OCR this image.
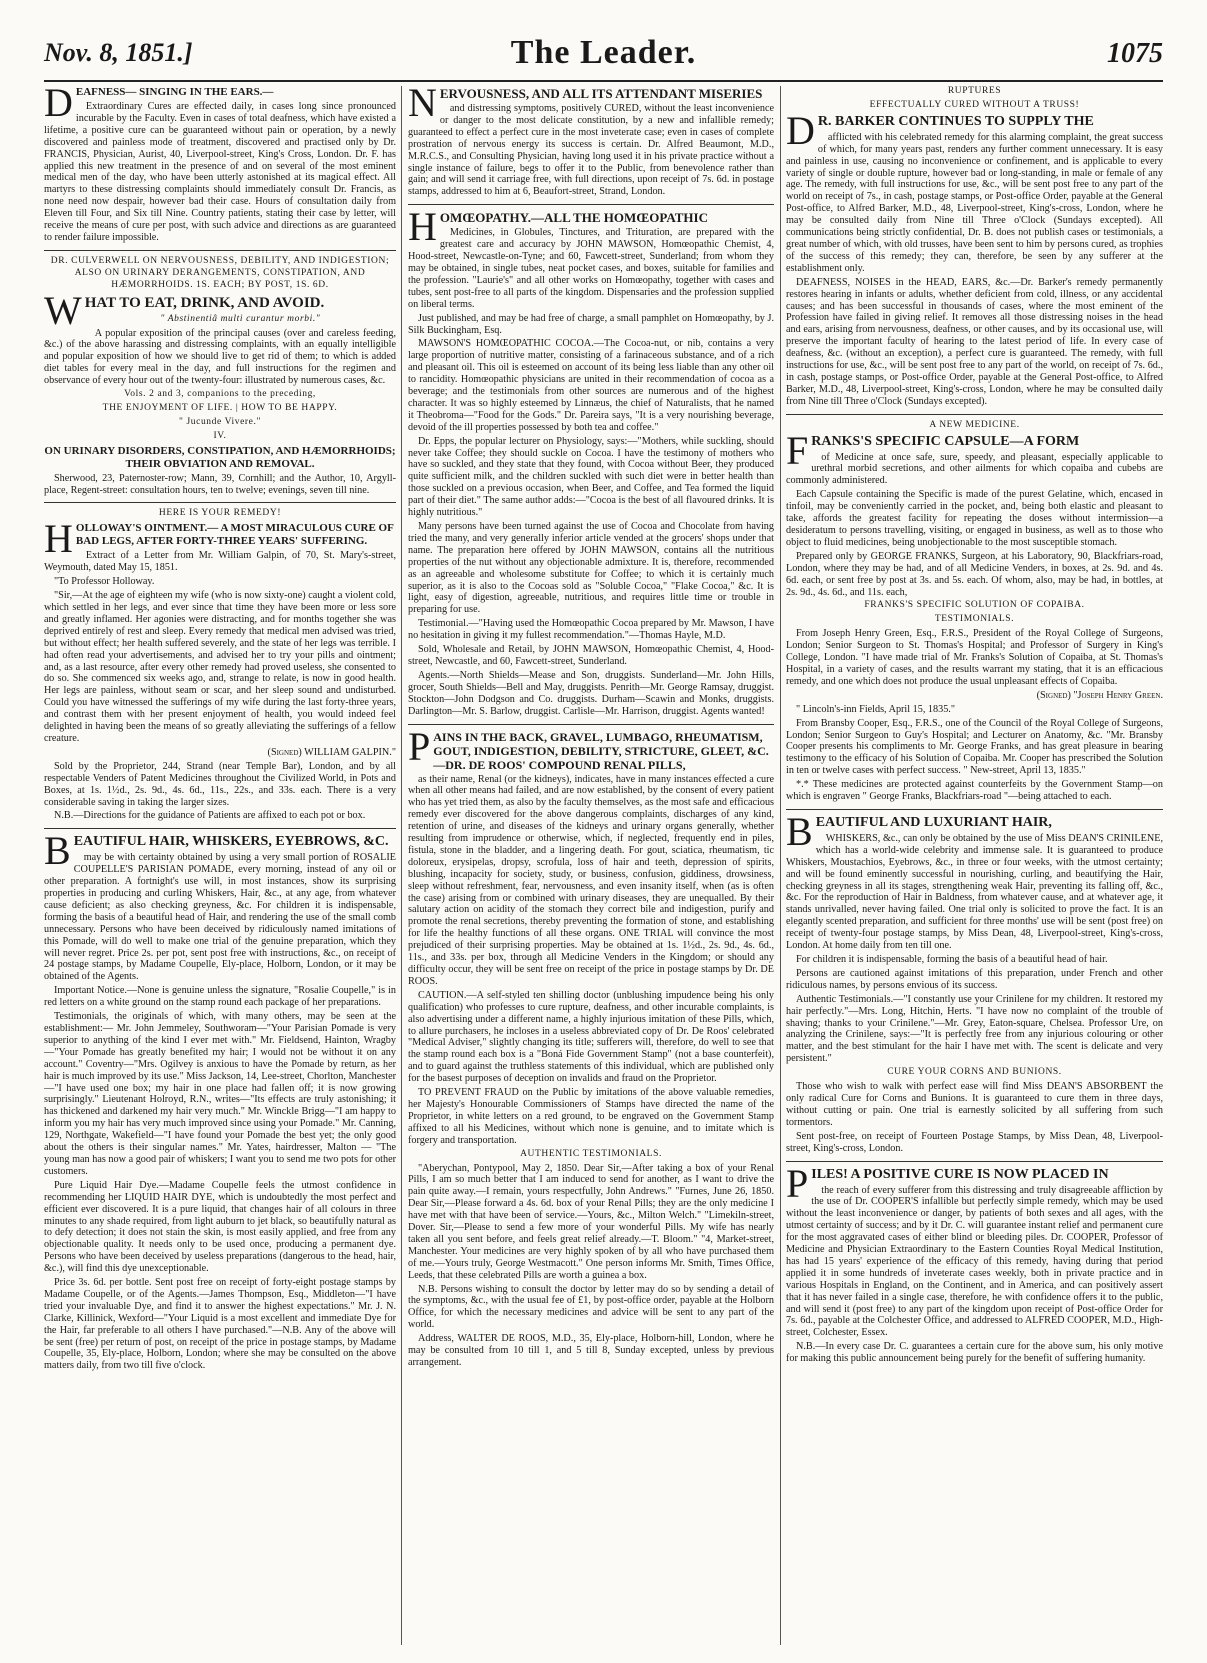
Nov. 8, 1851.]	The Leader.	1075

DEAFNESS— SINGING IN THE EARS.—

Extraordinary Cures are effected daily, in cases long since pronounced incurable by the Faculty. Even in cases of total deafness, which have existed a lifetime, a positive cure can be guaranteed without pain or operation, by a newly discovered and painless mode of treatment, discovered and practised only by Dr. FRANCIS, Physician, Aurist, 40, Liverpool-street, King's Cross, London. Dr. F. has applied this new treatment in the presence of and on several of the most eminent medical men of the day, who have been utterly astonished at its magical effect. All martyrs to these distressing complaints should immediately consult Dr. Francis, as none need now despair, however bad their case. Hours of consultation daily from Eleven till Four, and Six till Nine. Country patients, stating their case by letter, will receive the means of cure per post, with such advice and directions as are guaranteed to render failure impossible.

DR. CULVERWELL ON NERVOUSNESS, DEBILITY, AND INDIGESTION; ALSO ON URINARY DERANGEMENTS, CONSTIPATION, AND HÆMORRHOIDS. 1S. EACH; BY POST, 1S. 6D.

WHAT TO EAT, DRINK, AND AVOID.

" Abstinentiâ multi curantur morbi."

A popular exposition of the principal causes (over and careless feeding, &c.) of the above harassing and distressing complaints, with an equally intelligible and popular exposition of how we should live to get rid of them; to which is added diet tables for every meal in the day, and full instructions for the regimen and observance of every hour out of the twenty-four: illustrated by numerous cases, &c.

Vols. 2 and 3, companions to the preceding,

THE ENJOYMENT OF LIFE. | HOW TO BE HAPPY.

" Jucunde Vivere."

IV.

ON URINARY DISORDERS, CONSTIPATION, AND HÆMORRHOIDS; THEIR OBVIATION AND REMOVAL.

Sherwood, 23, Paternoster-row; Mann, 39, Cornhill; and the Author, 10, Argyll-place, Regent-street: consultation hours, ten to twelve; evenings, seven till nine.

HERE IS YOUR REMEDY!

HOLLOWAY'S OINTMENT.— A MOST MIRACULOUS CURE OF BAD LEGS, AFTER FORTY-THREE YEARS' SUFFERING.

Extract of a Letter from Mr. William Galpin, of 70, St. Mary's-street, Weymouth, dated May 15, 1851.

"To Professor Holloway.

"Sir,—At the age of eighteen my wife (who is now sixty-one) caught a violent cold, which settled in her legs, and ever since that time they have been more or less sore and greatly inflamed. Her agonies were distracting, and for months together she was deprived entirely of rest and sleep. Every remedy that medical men advised was tried, but without effect; her health suffered severely, and the state of her legs was terrible. I had often read your advertisements, and advised her to try your pills and ointment; and, as a last resource, after every other remedy had proved useless, she consented to do so. She commenced six weeks ago, and, strange to relate, is now in good health. Her legs are painless, without seam or scar, and her sleep sound and undisturbed. Could you have witnessed the sufferings of my wife during the last forty-three years, and contrast them with her present enjoyment of health, you would indeed feel delighted in having been the means of so greatly alleviating the sufferings of a fellow creature.

(Signed) WILLIAM GALPIN."

Sold by the Proprietor, 244, Strand (near Temple Bar), London, and by all respectable Venders of Patent Medicines throughout the Civilized World, in Pots and Boxes, at 1s. 1½d., 2s. 9d., 4s. 6d., 11s., 22s., and 33s. each. There is a very considerable saving in taking the larger sizes.

N.B.—Directions for the guidance of Patients are affixed to each pot or box.

BEAUTIFUL HAIR, WHISKERS, EYEBROWS, &C.

may be with certainty obtained by using a very small portion of ROSALIE COUPELLE'S PARISIAN POMADE, every morning, instead of any oil or other preparation. A fortnight's use will, in most instances, show its surprising properties in producing and curling Whiskers, Hair, &c., at any age, from whatever cause deficient; as also checking greyness, &c. For children it is indispensable, forming the basis of a beautiful head of Hair, and rendering the use of the small comb unnecessary. Persons who have been deceived by ridiculously named imitations of this Pomade, will do well to make one trial of the genuine preparation, which they will never regret. Price 2s. per pot, sent post free with instructions, &c., on receipt of 24 postage stamps, by Madame Coupelle, Ely-place, Holborn, London, or it may be obtained of the Agents.

Important Notice.—None is genuine unless the signature, "Rosalie Coupelle," is in red letters on a white ground on the stamp round each package of her preparations.

Testimonials, the originals of which, with many others, may be seen at the establishment:— Mr. John Jemmeley, Southworam—"Your Parisian Pomade is very superior to anything of the kind I ever met with." Mr. Fieldsend, Hainton, Wragby—"Your Pomade has greatly benefited my hair; I would not be without it on any account." Coventry—"Mrs. Ogilvey is anxious to have the Pomade by return, as her hair is much improved by its use." Miss Jackson, 14, Lee-street, Chorlton, Manchester—"I have used one box; my hair in one place had fallen off; it is now growing surprisingly." Lieutenant Holroyd, R.N., writes—"Its effects are truly astonishing; it has thickened and darkened my hair very much." Mr. Winckle Brigg—"I am happy to inform you my hair has very much improved since using your Pomade." Mr. Canning, 129, Northgate, Wakefield—"I have found your Pomade the best yet; the only good about the others is their singular names." Mr. Yates, hairdresser, Malton — "The young man has now a good pair of whiskers; I want you to send me two pots for other customers.

Pure Liquid Hair Dye.—Madame Coupelle feels the utmost confidence in recommending her LIQUID HAIR DYE, which is undoubtedly the most perfect and efficient ever discovered. It is a pure liquid, that changes hair of all colours in three minutes to any shade required, from light auburn to jet black, so beautifully natural as to defy detection; it does not stain the skin, is most easily applied, and free from any objectionable quality. It needs only to be used once, producing a permanent dye. Persons who have been deceived by useless preparations (dangerous to the head, hair, &c.), will find this dye unexceptionable.

Price 3s. 6d. per bottle. Sent post free on receipt of forty-eight postage stamps by Madame Coupelle, or of the Agents.—James Thompson, Esq., Middleton—"I have tried your invaluable Dye, and find it to answer the highest expectations." Mr. J. N. Clarke, Killinick, Wexford—"Your Liquid is a most excellent and immediate Dye for the Hair, far preferable to all others I have purchased."—N.B. Any of the above will be sent (free) per return of post, on receipt of the price in postage stamps, by Madame Coupelle, 35, Ely-place, Holborn, London; where she may be consulted on the above matters daily, from two till five o'clock.

NERVOUSNESS, AND ALL ITS ATTENDANT MISERIES

and distressing symptoms, positively CURED, without the least inconvenience or danger to the most delicate constitution, by a new and infallible remedy; guaranteed to effect a perfect cure in the most inveterate case; even in cases of complete prostration of nervous energy its success is certain. Dr. Alfred Beaumont, M.D., M.R.C.S., and Consulting Physician, having long used it in his private practice without a single instance of failure, begs to offer it to the Public, from benevolence rather than gain; and will send it carriage free, with full directions, upon receipt of 7s. 6d. in postage stamps, addressed to him at 6, Beaufort-street, Strand, London.

HOMŒOPATHY.—ALL THE HOMŒOPATHIC

Medicines, in Globules, Tinctures, and Trituration, are prepared with the greatest care and accuracy by JOHN MAWSON, Homœopathic Chemist, 4, Hood-street, Newcastle-on-Tyne; and 60, Fawcett-street, Sunderland; from whom they may be obtained, in single tubes, neat pocket cases, and boxes, suitable for families and the profession. "Laurie's" and all other works on Homœopathy, together with cases and tubes, sent post-free to all parts of the kingdom. Dispensaries and the profession supplied on liberal terms.

Just published, and may be had free of charge, a small pamphlet on Homœopathy, by J. Silk Buckingham, Esq.

MAWSON'S HOMŒOPATHIC COCOA.—The Cocoa-nut, or nib, contains a very large proportion of nutritive matter, consisting of a farinaceous substance, and of a rich and pleasant oil. This oil is esteemed on account of its being less liable than any other oil to rancidity. Homœopathic physicians are united in their recommendation of cocoa as a beverage; and the testimonials from other sources are numerous and of the highest character. It was so highly esteemed by Linnæus, the chief of Naturalists, that he named it Theobroma—"Food for the Gods." Dr. Pareira says, "It is a very nourishing beverage, devoid of the ill properties possessed by both tea and coffee."

Dr. Epps, the popular lecturer on Physiology, says:—"Mothers, while suckling, should never take Coffee; they should suckle on Cocoa. I have the testimony of mothers who have so suckled, and they state that they found, with Cocoa without Beer, they produced quite sufficient milk, and the children suckled with such diet were in better health than those suckled on a previous occasion, when Beer, and Coffee, and Tea formed the liquid part of their diet." The same author adds:—"Cocoa is the best of all flavoured drinks. It is highly nutritious."

Many persons have been turned against the use of Cocoa and Chocolate from having tried the many, and very generally inferior article vended at the grocers' shops under that name. The preparation here offered by JOHN MAWSON, contains all the nutritious properties of the nut without any objectionable admixture. It is, therefore, recommended as an agreeable and wholesome substitute for Coffee; to which it is certainly much superior, as it is also to the Cocoas sold as "Soluble Cocoa," "Flake Cocoa," &c. It is light, easy of digestion, agreeable, nutritious, and requires little time or trouble in preparing for use.

Testimonial.—"Having used the Homœopathic Cocoa prepared by Mr. Mawson, I have no hesitation in giving it my fullest recommendation."—Thomas Hayle, M.D.

Sold, Wholesale and Retail, by JOHN MAWSON, Homœopathic Chemist, 4, Hood-street, Newcastle, and 60, Fawcett-street, Sunderland.

Agents.—North Shields—Mease and Son, druggists. Sunderland—Mr. John Hills, grocer, South Shields—Bell and May, druggists. Penrith—Mr. George Ramsay, druggist. Stockton—John Dodgson and Co. druggists. Durham—Scawin and Monks, druggists. Darlington—Mr. S. Barlow, druggist. Carlisle—Mr. Harrison, druggist. Agents wanted!

PAINS IN THE BACK, GRAVEL, LUMBAGO, RHEUMATISM, GOUT, INDIGESTION, DEBILITY, STRICTURE, GLEET, &C.—DR. DE ROOS' COMPOUND RENAL PILLS,

as their name, Renal (or the kidneys), indicates, have in many instances effected a cure when all other means had failed, and are now established, by the consent of every patient who has yet tried them, as also by the faculty themselves, as the most safe and efficacious remedy ever discovered for the above dangerous complaints, discharges of any kind, retention of urine, and diseases of the kidneys and urinary organs generally, whether resulting from imprudence or otherwise, which, if neglected, frequently end in piles, fistula, stone in the bladder, and a lingering death. For gout, sciatica, rheumatism, tic doloreux, erysipelas, dropsy, scrofula, loss of hair and teeth, depression of spirits, blushing, incapacity for society, study, or business, confusion, giddiness, drowsiness, sleep without refreshment, fear, nervousness, and even insanity itself, when (as is often the case) arising from or combined with urinary diseases, they are unequalled. By their salutary action on acidity of the stomach they correct bile and indigestion, purify and promote the renal secretions, thereby preventing the formation of stone, and establishing for life the healthy functions of all these organs. ONE TRIAL will convince the most prejudiced of their surprising properties. May be obtained at 1s. 1½d., 2s. 9d., 4s. 6d., 11s., and 33s. per box, through all Medicine Venders in the Kingdom; or should any difficulty occur, they will be sent free on receipt of the price in postage stamps by Dr. DE ROOS.

CAUTION.—A self-styled ten shilling doctor (unblushing impudence being his only qualification) who professes to cure rupture, deafness, and other incurable complaints, is also advertising under a different name, a highly injurious imitation of these Pills, which, to allure purchasers, he incloses in a useless abbreviated copy of Dr. De Roos' celebrated "Medical Adviser," slightly changing its title; sufferers will, therefore, do well to see that the stamp round each box is a "Boná Fide Government Stamp" (not a base counterfeit), and to guard against the truthless statements of this individual, which are published only for the basest purposes of deception on invalids and fraud on the Proprietor.

TO PREVENT FRAUD on the Public by imitations of the above valuable remedies, her Majesty's Honourable Commissioners of Stamps have directed the name of the Proprietor, in white letters on a red ground, to be engraved on the Government Stamp affixed to all his Medicines, without which none is genuine, and to imitate which is forgery and transportation.

AUTHENTIC TESTIMONIALS.

"Aberychan, Pontypool, May 2, 1850. Dear Sir,—After taking a box of your Renal Pills, I am so much better that I am induced to send for another, as I want to drive the pain quite away.—I remain, yours respectfully, John Andrews." "Furnes, June 26, 1850. Dear Sir,—Please forward a 4s. 6d. box of your Renal Pills; they are the only medicine I have met with that have been of service.—Yours, &c., Milton Welch." "Limekiln-street, Dover. Sir,—Please to send a few more of your wonderful Pills. My wife has nearly taken all you sent before, and feels great relief already.—T. Bloom." "4, Market-street, Manchester. Your medicines are very highly spoken of by all who have purchased them of me.—Yours truly, George Westmacott." One person informs Mr. Smith, Times Office, Leeds, that these celebrated Pills are worth a guinea a box.

N.B. Persons wishing to consult the doctor by letter may do so by sending a detail of the symptoms, &c., with the usual fee of £1, by post-office order, payable at the Holborn Office, for which the necessary medicines and advice will be sent to any part of the world.

Address, WALTER DE ROOS, M.D., 35, Ely-place, Holborn-hill, London, where he may be consulted from 10 till 1, and 5 till 8, Sunday excepted, unless by previous arrangement.

RUPTURES

EFFECTUALLY CURED WITHOUT A TRUSS!

D R. BARKER CONTINUES TO SUPPLY THE

afflicted with his celebrated remedy for this alarming complaint, the great success of which, for many years past, renders any further comment unnecessary. It is easy and painless in use, causing no inconvenience or confinement, and is applicable to every variety of single or double rupture, however bad or long-standing, in male or female of any age. The remedy, with full instructions for use, &c., will be sent post free to any part of the world on receipt of 7s., in cash, postage stamps, or Post-office Order, payable at the General Post-office, to Alfred Barker, M.D., 48, Liverpool-street, King's-cross, London, where he may be consulted daily from Nine till Three o'Clock (Sundays excepted). All communications being strictly confidential, Dr. B. does not publish cases or testimonials, a great number of which, with old trusses, have been sent to him by persons cured, as trophies of the success of this remedy; they can, therefore, be seen by any sufferer at the establishment only.

DEAFNESS, NOISES in the HEAD, EARS, &c.—Dr. Barker's remedy permanently restores hearing in infants or adults, whether deficient from cold, illness, or any accidental causes; and has been successful in thousands of cases, where the most eminent of the Profession have failed in giving relief. It removes all those distressing noises in the head and ears, arising from nervousness, deafness, or other causes, and by its occasional use, will preserve the important faculty of hearing to the latest period of life. In every case of deafness, &c. (without an exception), a perfect cure is guaranteed. The remedy, with full instructions for use, &c., will be sent post free to any part of the world, on receipt of 7s. 6d., in cash, postage stamps, or Post-office Order, payable at the General Post-office, to Alfred Barker, M.D., 48, Liverpool-street, King's-cross, London, where he may be consulted daily from Nine till Three o'Clock (Sundays excepted).

A NEW MEDICINE.

FRANKS'S SPECIFIC CAPSULE—A FORM

of Medicine at once safe, sure, speedy, and pleasant, especially applicable to urethral morbid secretions, and other ailments for which copaiba and cubebs are commonly administered.

Each Capsule containing the Specific is made of the purest Gelatine, which, encased in tinfoil, may be conveniently carried in the pocket, and, being both elastic and pleasant to take, affords the greatest facility for repeating the doses without intermission—a desideratum to persons travelling, visiting, or engaged in business, as well as to those who object to fluid medicines, being unobjectionable to the most susceptible stomach.

Prepared only by GEORGE FRANKS, Surgeon, at his Laboratory, 90, Blackfriars-road, London, where they may be had, and of all Medicine Venders, in boxes, at 2s. 9d. and 4s. 6d. each, or sent free by post at 3s. and 5s. each. Of whom, also, may be had, in bottles, at 2s. 9d., 4s. 6d., and 11s. each,

FRANKS'S SPECIFIC SOLUTION OF COPAIBA.

TESTIMONIALS.

From Joseph Henry Green, Esq., F.R.S., President of the Royal College of Surgeons, London; Senior Surgeon to St. Thomas's Hospital; and Professor of Surgery in King's College, London. "I have made trial of Mr. Franks's Solution of Copaiba, at St. Thomas's Hospital, in a variety of cases, and the results warrant my stating, that it is an efficacious remedy, and one which does not produce the usual unpleasant effects of Copaiba.

(Signed) "Joseph Henry Green.

" Lincoln's-inn Fields, April 15, 1835."

From Bransby Cooper, Esq., F.R.S., one of the Council of the Royal College of Surgeons, London; Senior Surgeon to Guy's Hospital; and Lecturer on Anatomy, &c. "Mr. Bransby Cooper presents his compliments to Mr. George Franks, and has great pleasure in bearing testimony to the efficacy of his Solution of Copaiba. Mr. Cooper has prescribed the Solution in ten or twelve cases with perfect success. " New-street, April 13, 1835."

*.* These medicines are protected against counterfeits by the Government Stamp—on which is engraven " George Franks, Blackfriars-road "—being attached to each.

BEAUTIFUL AND LUXURIANT HAIR,

WHISKERS, &c., can only be obtained by the use of Miss DEAN'S CRINILENE, which has a world-wide celebrity and immense sale. It is guaranteed to produce Whiskers, Moustachios, Eyebrows, &c., in three or four weeks, with the utmost certainty; and will be found eminently successful in nourishing, curling, and beautifying the Hair, checking greyness in all its stages, strengthening weak Hair, preventing its falling off, &c., &c. For the reproduction of Hair in Baldness, from whatever cause, and at whatever age, it stands unrivalled, never having failed. One trial only is solicited to prove the fact. It is an elegantly scented preparation, and sufficient for three months' use will be sent (post free) on receipt of twenty-four postage stamps, by Miss Dean, 48, Liverpool-street, King's-cross, London. At home daily from ten till one.

For children it is indispensable, forming the basis of a beautiful head of hair.

Persons are cautioned against imitations of this preparation, under French and other ridiculous names, by persons envious of its success.

Authentic Testimonials.—"I constantly use your Crinilene for my children. It restored my hair perfectly."—Mrs. Long, Hitchin, Herts. "I have now no complaint of the trouble of shaving; thanks to your Crinilene."—Mr. Grey, Eaton-square, Chelsea. Professor Ure, on analyzing the Crinilene, says:—"It is perfectly free from any injurious colouring or other matter, and the best stimulant for the hair I have met with. The scent is delicate and very persistent."

CURE YOUR CORNS AND BUNIONS.

Those who wish to walk with perfect ease will find Miss DEAN'S ABSORBENT the only radical Cure for Corns and Bunions. It is guaranteed to cure them in three days, without cutting or pain. One trial is earnestly solicited by all suffering from such tormentors.

Sent post-free, on receipt of Fourteen Postage Stamps, by Miss Dean, 48, Liverpool-street, King's-cross, London.

PILES! A POSITIVE CURE IS NOW PLACED IN

the reach of every sufferer from this distressing and truly disagreeable affliction by the use of Dr. COOPER'S infallible but perfectly simple remedy, which may be used without the least inconvenience or danger, by patients of both sexes and all ages, with the utmost certainty of success; and by it Dr. C. will guarantee instant relief and permanent cure for the most aggravated cases of either blind or bleeding piles. Dr. COOPER, Professor of Medicine and Physician Extraordinary to the Eastern Counties Royal Medical Institution, has had 15 years' experience of the efficacy of this remedy, having during that period applied it in some hundreds of inveterate cases weekly, both in private practice and in various Hospitals in England, on the Continent, and in America, and can positively assert that it has never failed in a single case, therefore, he with confidence offers it to the public, and will send it (post free) to any part of the kingdom upon receipt of Post-office Order for 7s. 6d., payable at the Colchester Office, and addressed to ALFRED COOPER, M.D., High-street, Colchester, Essex.

N.B.—In every case Dr. C. guarantees a certain cure for the above sum, his only motive for making this public announcement being purely for the benefit of suffering humanity.
